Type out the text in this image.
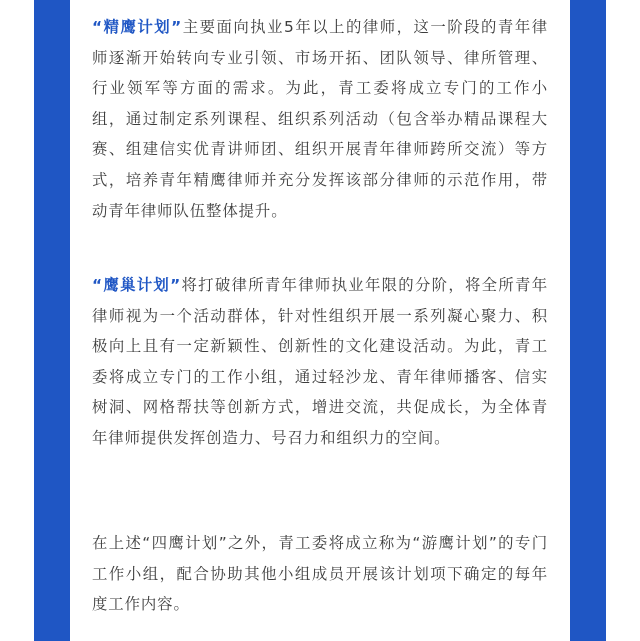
“精鹰计划”主要面向执业5年以上的律师，这一阶段的青年律师逐渐开始转向专业引领、市场开拓、团队领导、律所管理、行业领军等方面的需求。为此，青工委将成立专门的工作小组，通过制定系列课程、组织系列活动（包含举办精品课程大赛、组建信实优青讲师团、组织开展青年律师跨所交流）等方式，培养青年精鹰律师并充分发挥该部分律师的示范作用，带动青年律师队伍整体提升。

“鹰巢计划”将打破律所青年律师执业年限的分阶，将全所青年律师视为一个活动群体，针对性组织开展一系列凝心聚力、积极向上且有一定新颖性、创新性的文化建设活动。为此，青工委将成立专门的工作小组，通过轻沙龙、青年律师播客、信实树洞、网格帮扶等创新方式，增进交流，共促成长，为全体青年律师提供发挥创造力、号召力和组织力的空间。

在上述“四鹰计划”之外，青工委将成立称为“游鹰计划”的专门工作小组，配合协助其他小组成员开展该计划项下确定的每年度工作内容。
